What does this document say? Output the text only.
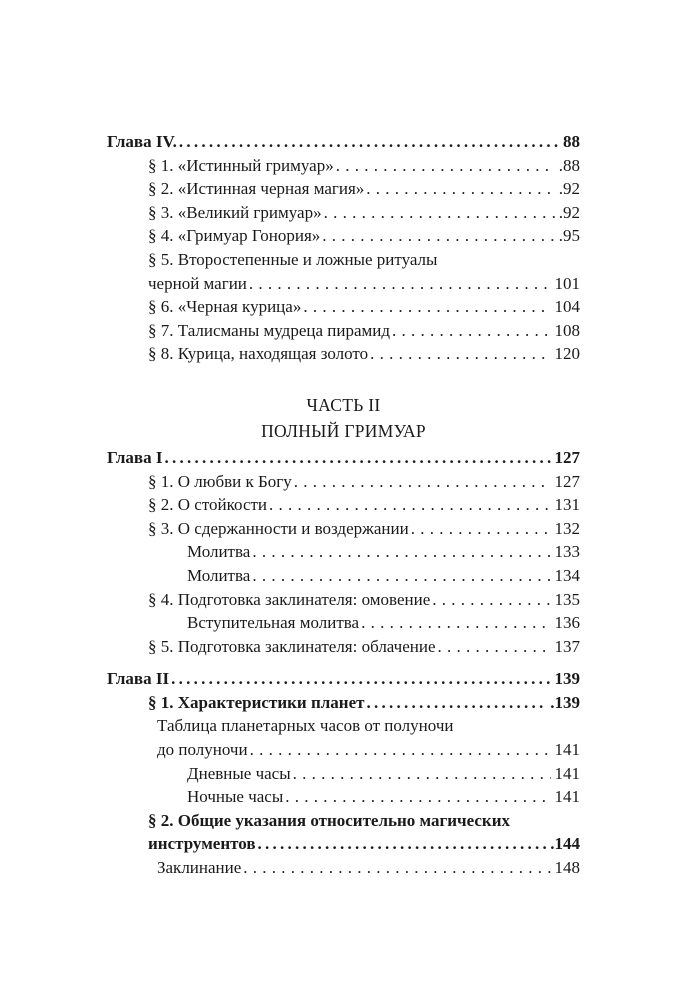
Глава IV. . . .	88
§ 1. «Истинный гримуар» . . .	.88
§ 2. «Истинная черная магия» . . .	.92
§ 3. «Великий гримуар» . . .	.92
§ 4. «Гримуар Гонория» . . .	.95
§ 5. Второстепенные и ложные ритуалы
черной магии . . .	101
§ 6. «Черная курица» . . .	104
§ 7. Талисманы мудреца пирамид . . .	108
§ 8. Курица, находящая золото . . .	120
ЧАСТЬ II
ПОЛНЫЙ ГРИМУАР
Глава I . . .	127
§ 1. О любви к Богу . . .	127
§ 2. О стойкости . . .	131
§ 3. О сдержанности и воздержании . . .	132
Молитва . . .	133
Молитва . . .	134
§ 4. Подготовка заклинателя: омовение . . .	135
Вступительная молитва . . .	136
§ 5. Подготовка заклинателя: облачение . . .	137
Глава II . . .	139
§ 1. Характеристики планет . . .	.139
Таблица планетарных часов от полуночи
до полуночи . . .	141
Дневные часы . . .	141
Ночные часы . . .	141
§ 2. Общие указания относительно магических
инструментов . . .	.144
Заклинание . . .	148
